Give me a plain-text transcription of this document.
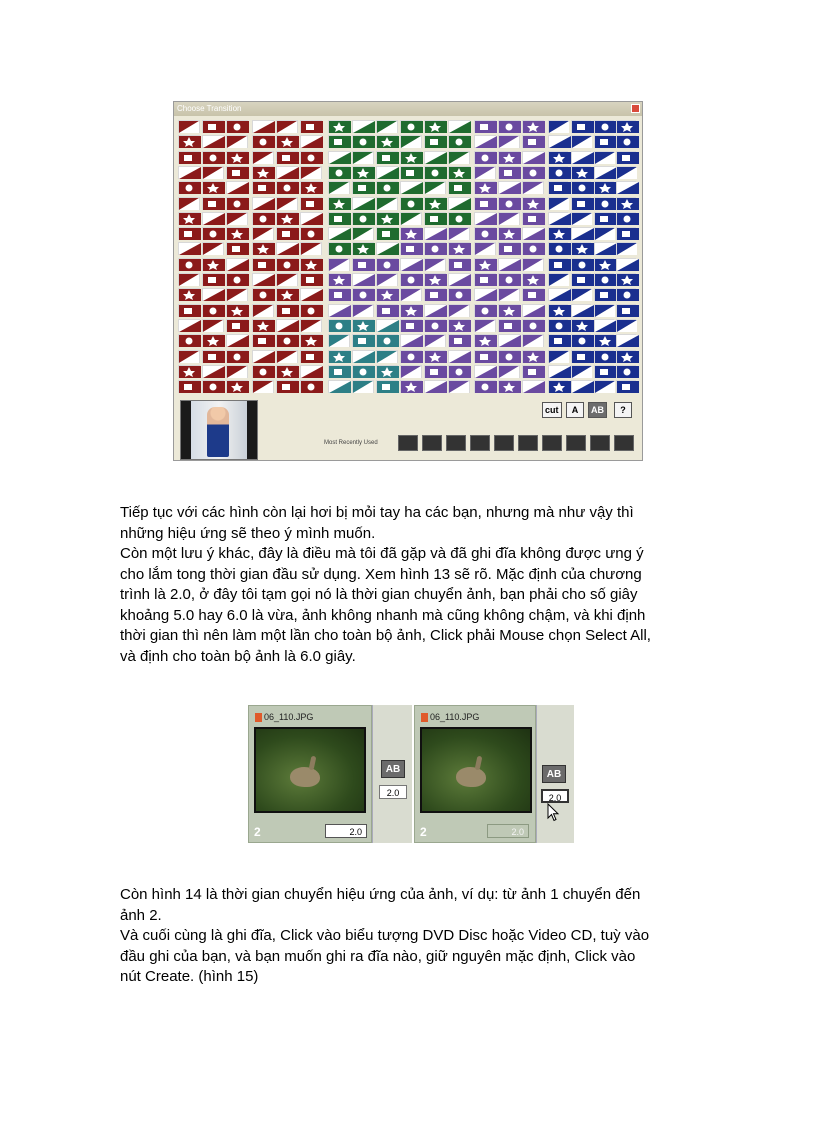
Choose Transition
cut	A	AB	?
Most Recently Used

Tiếp tục với các hình còn lại hơi bị mỏi tay ha các bạn, nhưng mà như vậy thì

những hiệu ứng sẽ theo ý mình muốn.

Còn một lưu ý khác, đây là điều mà tôi đã gặp và đã ghi đĩa không được ưng ý

cho lắm tong thời gian đầu sử dụng. Xem hình 13 sẽ rõ. Mặc định của chương

trình là 2.0, ở đây tôi tạm gọi nó là thời gian chuyển ảnh, bạn phải cho số giây

khoảng 5.0 hay 6.0 là vừa, ảnh không nhanh mà cũng không chậm, và khi định

thời gian thì nên làm một lần cho toàn bộ ảnh, Click phải Mouse chọn Select All,

và định cho toàn bộ ảnh là 6.0 giây.

06_110.JPG
2	2.0
AB
2.0
06_110.JPG
2	2.0
AB
2.0

Còn hình 14 là thời gian chuyển hiệu ứng của ảnh, ví dụ: từ ảnh 1 chuyển đến

ảnh 2.

Và cuối cùng là ghi đĩa, Click vào biểu tượng DVD Disc hoặc Video CD, tuỳ vào

đầu ghi của bạn, và bạn muốn ghi ra đĩa nào, giữ nguyên mặc định, Click vào

nút Create. (hình 15)
